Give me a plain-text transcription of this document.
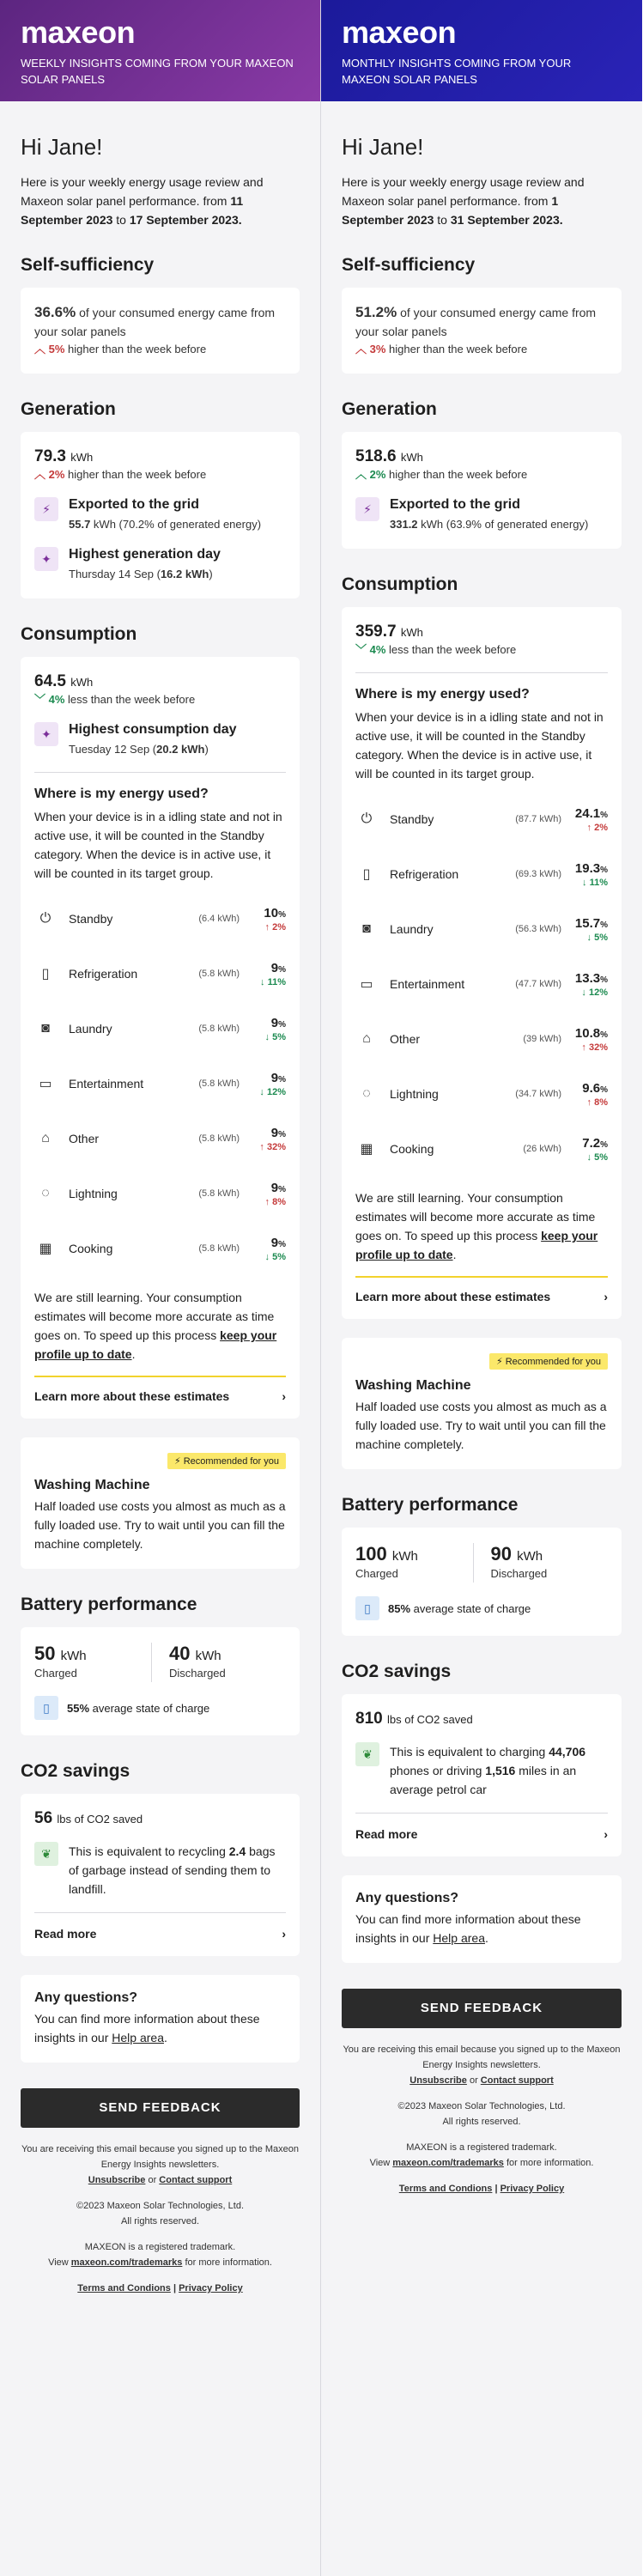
maxeon
WEEKLY INSIGHTS COMING FROM YOUR MAXEON SOLAR PANELS
Hi Jane!

Here is your weekly energy usage review and Maxeon solar panel performance. from 11 September 2023 to 17 September 2023.

Self-sufficiency
36.6% of your consumed energy came from your solar panels
︿ 5% higher than the week before
Generation
79.3 kWh
︿ 2% higher than the week before
⚡	Exported to the grid
55.7 kWh (70.2% of generated energy)
✦	Highest generation day
Thursday 14 Sep (16.2 kWh)
Consumption
64.5 kWh
﹀ 4% less than the week before
✦	Highest consumption day
Tuesday 12 Sep (20.2 kWh)
Where is my energy used?
When your device is in a idling state and not in active use, it will be counted in the Standby category. When the device is in active use, it will be counted in its target group.
⏻	Standby	(6.4 kWh)	10%
↑ 2%
▯	Refrigeration	(5.8 kWh)	9%
↓ 11%
◙	Laundry	(5.8 kWh)	9%
↓ 5%
▭	Entertainment	(5.8 kWh)	9%
↓ 12%
⌂	Other	(5.8 kWh)	9%
↑ 32%
◌	Lightning	(5.8 kWh)	9%
↑ 8%
▦	Cooking	(5.8 kWh)	9%
↓ 5%
We are still learning. Your consumption estimates will become more accurate as time goes on. To speed up this process keep your profile up to date.
Learn more about these estimates	›
⚡ Recommended for you
Washing Machine
Half loaded use costs you almost as much as a fully loaded use. Try to wait until you can fill the machine completely.
Battery performance
50 kWh
Charged
40 kWh
Discharged
▯	55% average state of charge
CO2 savings
56 lbs of CO2 saved
❦	This is equivalent to recycling 2.4 bags of garbage instead of sending them to landfill.
Read more	›
Any questions?
You can find more information about these insights in our Help area.
SEND FEEDBACK

You are receiving this email because you signed up to the Maxeon Energy Insights newsletters.
Unsubscribe or Contact support

©2023 Maxeon Solar Technologies, Ltd.
All rights reserved.

MAXEON is a registered trademark.
View maxeon.com/trademarks for more information.

Terms and Condions | Privacy Policy

maxeon
MONTHLY INSIGHTS COMING FROM YOUR MAXEON SOLAR PANELS
Hi Jane!

Here is your weekly energy usage review and Maxeon solar panel performance. from 1 September 2023 to 31 September 2023.

Self-sufficiency
51.2% of your consumed energy came from your solar panels
︿ 3% higher than the week before
Generation
518.6 kWh
︿ 2% higher than the week before
⚡	Exported to the grid
331.2 kWh (63.9% of generated energy)
Consumption
359.7 kWh
﹀ 4% less than the week before
Where is my energy used?
When your device is in a idling state and not in active use, it will be counted in the Standby category. When the device is in active use, it will be counted in its target group.
⏻	Standby	(87.7 kWh)	24.1%
↑ 2%
▯	Refrigeration	(69.3 kWh)	19.3%
↓ 11%
◙	Laundry	(56.3 kWh)	15.7%
↓ 5%
▭	Entertainment	(47.7 kWh)	13.3%
↓ 12%
⌂	Other	(39 kWh)	10.8%
↑ 32%
◌	Lightning	(34.7 kWh)	9.6%
↑ 8%
▦	Cooking	(26 kWh)	7.2%
↓ 5%
We are still learning. Your consumption estimates will become more accurate as time goes on. To speed up this process keep your profile up to date.
Learn more about these estimates	›
⚡ Recommended for you
Washing Machine
Half loaded use costs you almost as much as a fully loaded use. Try to wait until you can fill the machine completely.
Battery performance
100 kWh
Charged
90 kWh
Discharged
▯	85% average state of charge
CO2 savings
810 lbs of CO2 saved
❦	This is equivalent to charging 44,706 phones or driving 1,516 miles in an average petrol car
Read more	›
Any questions?
You can find more information about these insights in our Help area.
SEND FEEDBACK

You are receiving this email because you signed up to the Maxeon Energy Insights newsletters.
Unsubscribe or Contact support

©2023 Maxeon Solar Technologies, Ltd.
All rights reserved.

MAXEON is a registered trademark.
View maxeon.com/trademarks for more information.

Terms and Condions | Privacy Policy
